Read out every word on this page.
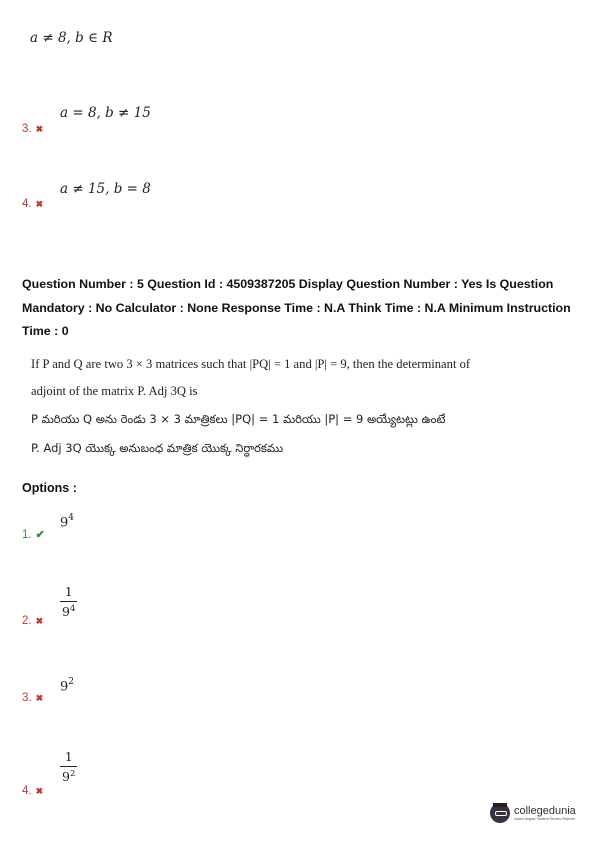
a ≠ 8, b ∈ R
a = 8, b ≠ 15
3. ✖
a ≠ 15, b = 8
4. ✖
Question Number : 5 Question Id : 4509387205 Display Question Number : Yes Is Question
Mandatory : No Calculator : None Response Time : N.A Think Time : N.A Minimum Instruction
Time : 0
If P and Q are two 3 × 3 matrices such that |PQ| = 1 and |P| = 9, then the determinant of
adjoint of the matrix P. Adj 3Q is
P మరియు Q అను రెండు 3 × 3 మాత్రికలు |PQ| = 1 మరియు |P| = 9 అయ్యేటట్లు ఉంటే
P. Adj 3Q యొక్క అనుబంధ మాత్రిక యొక్క నిర్ధారకము
Options :
$9^4$
1. ✔
$\frac{1}{9^4}$
2. ✖
$9^2$
3. ✖
$\frac{1}{9^2}$
4. ✖
collegedunia
India's largest Student Review Platform
